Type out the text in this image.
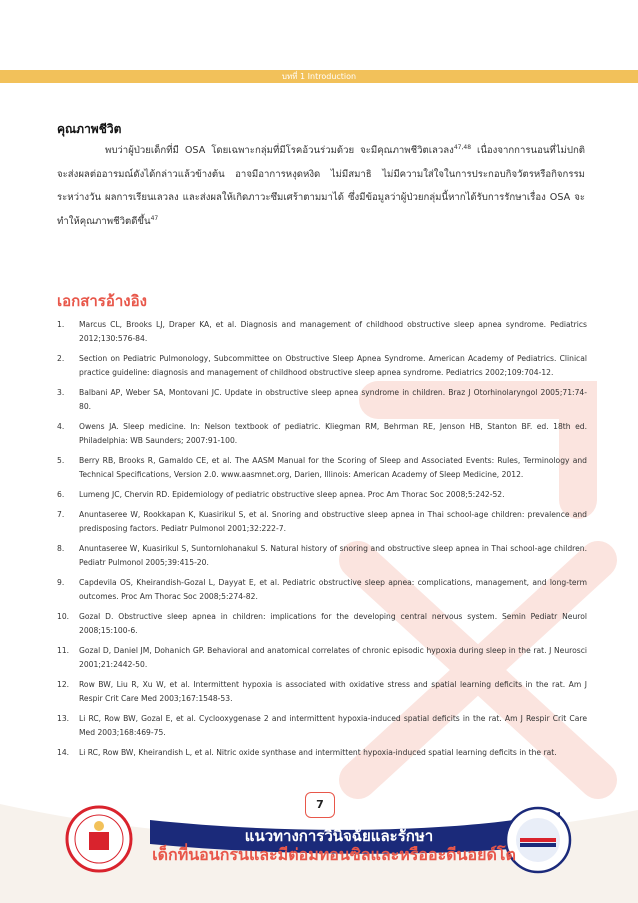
บทที่ 1 Introduction
คุณภาพชีวิต

พบว่าผู้ป่วยเด็กที่มี OSA โดยเฉพาะกลุ่มที่มีโรคอ้วนร่วมด้วย จะมีคุณภาพชีวิตเลวลง$^{47,48}$ เนื่องจากการนอนที่ไม่ปกติ จะส่งผลต่ออารมณ์ดังได้กล่าวแล้วข้างต้น อาจมีอาการหงุดหงิด ไม่มีสมาธิ ไม่มีความใส่ใจในการประกอบกิจวัตรหรือกิจกรรมระหว่างวัน ผลการเรียนเลวลง และส่งผลให้เกิดภาวะซึมเศร้าตามมาได้ ซึ่งมีข้อมูลว่าผู้ป่วยกลุ่มนี้หากได้รับการรักษาเรื่อง OSA จะทำให้คุณภาพชีวิตดีขึ้น$^{47}$

เอกสารอ้างอิง
1. Marcus CL, Brooks LJ, Draper KA, et al. Diagnosis and management of childhood obstructive sleep apnea syndrome. Pediatrics 2012;130:576-84.
2. Section on Pediatric Pulmonology, Subcommittee on Obstructive Sleep Apnea Syndrome. American Academy of Pediatrics. Clinical practice guideline: diagnosis and management of childhood obstructive sleep apnea syndrome. Pediatrics 2002;109:704-12.
3. Balbani AP, Weber SA, Montovani JC. Update in obstructive sleep apnea syndrome in children. Braz J Otorhinolaryngol 2005;71:74-80.
4. Owens JA. Sleep medicine. In: Nelson textbook of pediatric. Kliegman RM, Behrman RE, Jenson HB, Stanton BF. ed. 18th ed. Philadelphia: WB Saunders; 2007:91-100.
5. Berry RB, Brooks R, Gamaldo CE, et al. The AASM Manual for the Scoring of Sleep and Associated Events: Rules, Terminology and Technical Specifications, Version 2.0. www.aasmnet.org, Darien, Illinois: American Academy of Sleep Medicine, 2012.
6. Lumeng JC, Chervin RD. Epidemiology of pediatric obstructive sleep apnea. Proc Am Thorac Soc 2008;5:242-52.
7. Anuntaseree W, Rookkapan K, Kuasirikul S, et al. Snoring and obstructive sleep apnea in Thai school-age children: prevalence and predisposing factors. Pediatr Pulmonol 2001;32:222-7.
8. Anuntaseree W, Kuasirikul S, Suntornlohanakul S. Natural history of snoring and obstructive sleep apnea in Thai school-age children. Pediatr Pulmonol 2005;39:415-20.
9. Capdevila OS, Kheirandish-Gozal L, Dayyat E, et al. Pediatric obstructive sleep apnea: complications, management, and long-term outcomes. Proc Am Thorac Soc 2008;5:274-82.
10. Gozal D. Obstructive sleep apnea in children: implications for the developing central nervous system. Semin Pediatr Neurol 2008;15:100-6.
11. Gozal D, Daniel JM, Dohanich GP. Behavioral and anatomical correlates of chronic episodic hypoxia during sleep in the rat. J Neurosci 2001;21:2442-50.
12. Row BW, Liu R, Xu W, et al. Intermittent hypoxia is associated with oxidative stress and spatial learning deficits in the rat. Am J Respir Crit Care Med 2003;167:1548-53.
13. Li RC, Row BW, Gozal E, et al. Cyclooxygenase 2 and intermittent hypoxia-induced spatial deficits in the rat. Am J Respir Crit Care Med 2003;168:469-75.
14. Li RC, Row BW, Kheirandish L, et al. Nitric oxide synthase and intermittent hypoxia-induced spatial learning deficits in the rat.
7
แนวทางการวินิจฉัยและรักษา
เด็กที่นอนกรนและมีต่อมทอนซิลและหรืออะดีนอยด์โต
